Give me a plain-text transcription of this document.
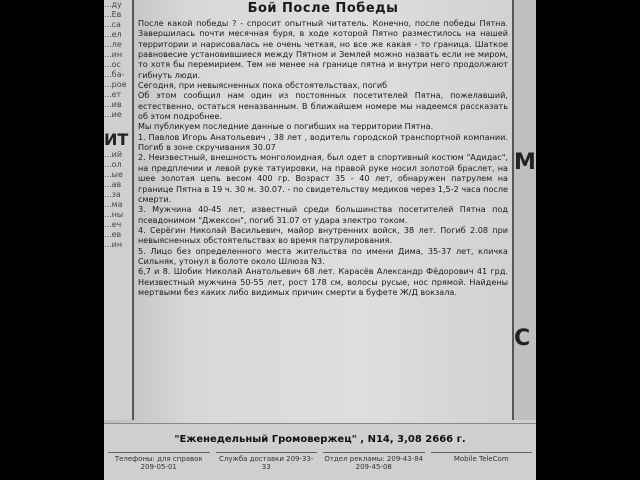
...ду
...Ев
...са
...ел
...ле
...ин
...ос
...ба-
...рое
...ет
...ив
...ие
ИТ
...ий
...ол
...ые
...ав
...за
...ма
...ны
...еч
...ев
...ин
Бой После Победы

После какой победы ? - спросит опытный читатель. Конечно, после победы Пятна. Завершилась почти месячная буря, в ходе которой Пятно разместилось на нашей территории и нарисовалась не очень четкая, но все же какая - то граница. Шаткое равновесие установившиеся между Пятном и Землей можно назвать если не миром, то хотя бы перемирием. Тем не менее на границе пятна и внутри него продолжают гибнуть люди.

Сегодня, при невыясненных пока обстоятельствах, погиб

Об этом сообщил нам один из постоянных посетителей Пятна, пожелавший, естественно, остаться неназванным. В ближайшем номере мы надеемся рассказать об этом подробнее.

Мы публикуем последние данные о погибших на территории Пятна.

1. Павлов Игорь Анатольевич , 38 лет , водитель городской транспортной компании. Погиб в зоне скручивания 30.07

2. Неизвестный, внешность монголоидная, был одет в спортивный костюм "Адидас", на предплечии и левой руке татуировки, на правой руке носил золотой браслет, на шее золотая цепь весом 400 гр. Возраст 35 - 40 лет, обнаружен патрулем на границе Пятна в 19 ч. 30 м. 30.07. - по свидетельству медиков через 1,5-2 часа после смерти.

3. Мужчина 40-45 лет, известный среди большинства посетителей Пятна под псевдонимом "Джексон", погиб 31.07 от удара электро током.

4. Серёгин Николай Васильевич, майор внутренних войск, 38 лет. Погиб 2.08 при невыясненных обстоятельствах во время патрулирования.

5. Лицо без определенного места жительства по имени Дима, 35-37 лет, кличка Сильняк, утонул в болоте около Шлюза N3.

6,7 и 8. Шобик Николай Анатольевич 68 лет. Карасёв Александр Фёдорович 41 грд. Неизвестный мужчина 50-55 лет, рост 178 см, волосы русые, нос прямой. Найдены мертвыми без каких либо видимых причин смерти в буфете Ж/Д вокзала.

М
С
"Еженедельный Громовержец" , N14, 3,08 2666 г.
Телефоны: для справок 209-05-01
Служба доставки 209-33-33
Отдел рекламы: 209-43-84 209-45-08
Mobile TeleCom
